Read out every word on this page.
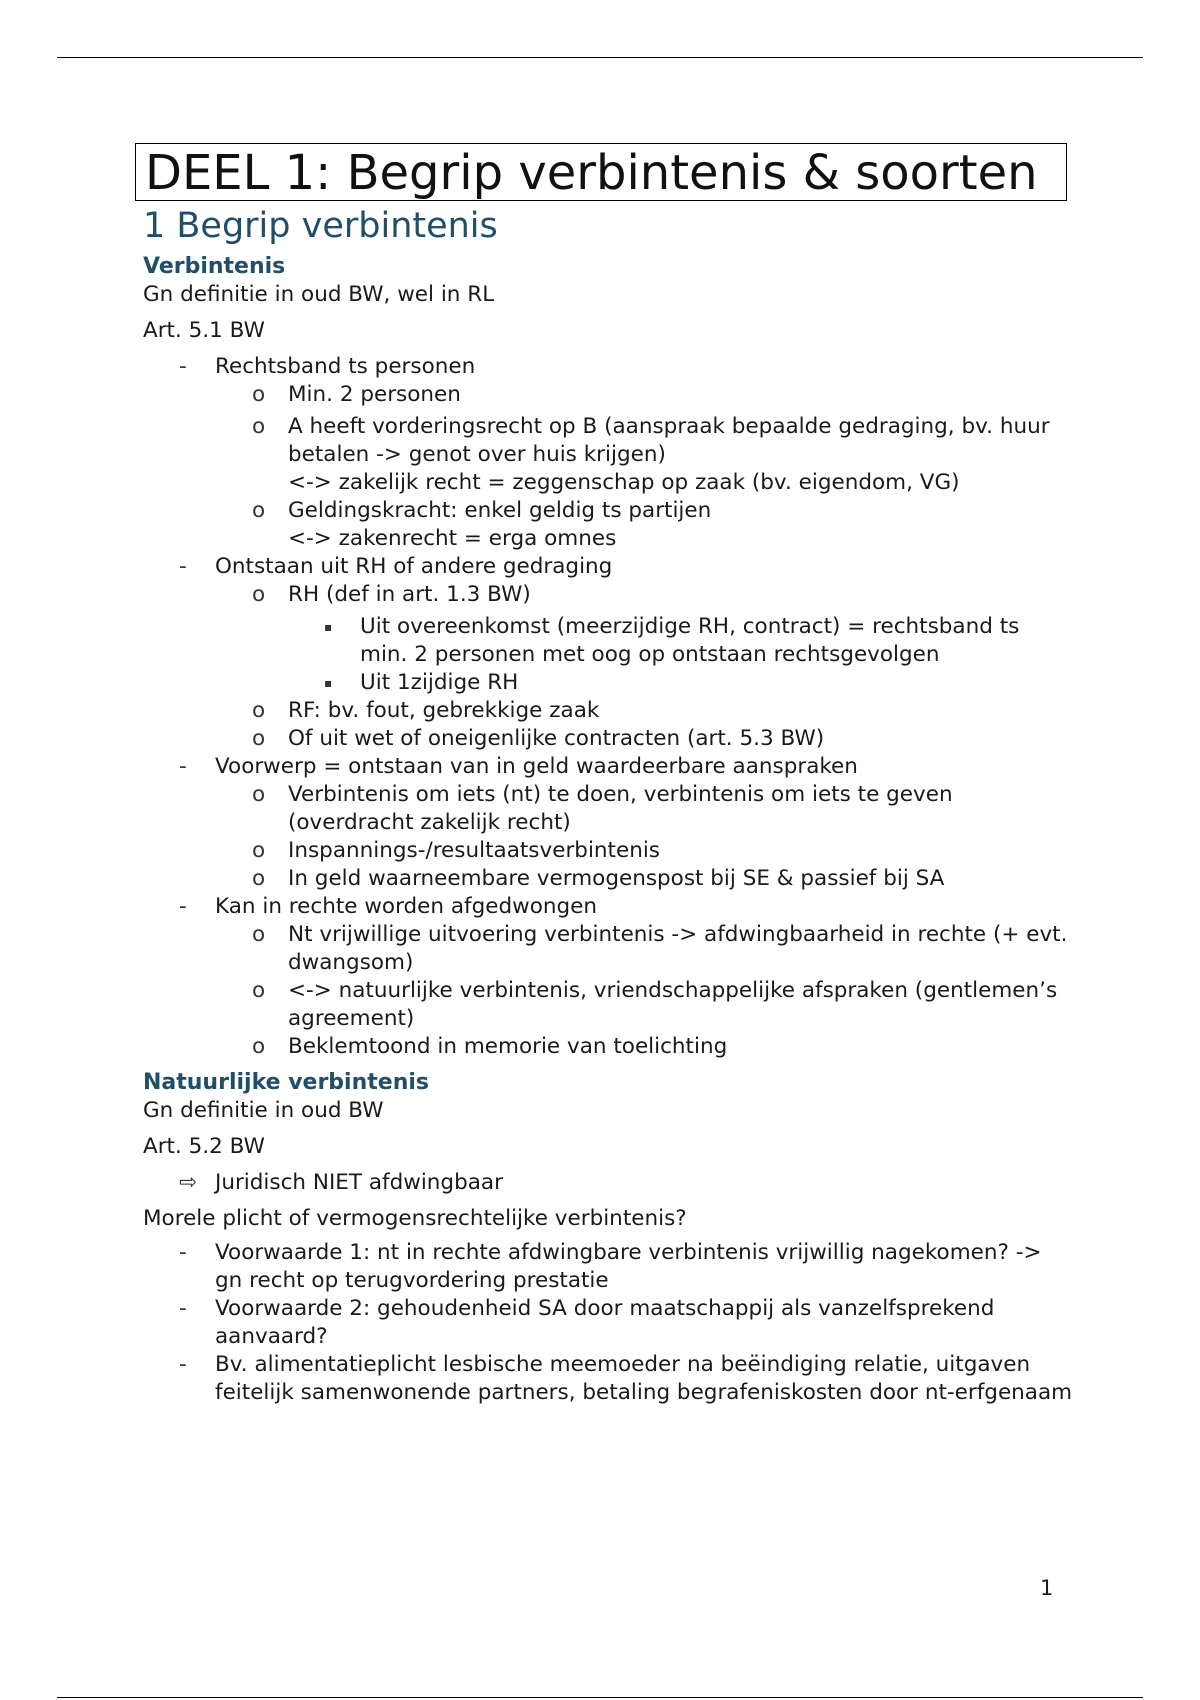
DEEL 1: Begrip verbintenis & soorten
1 Begrip verbintenis
Verbintenis

Gn definitie in oud BW, wel in RL

Art. 5.1 BW

- Rechtsband ts personen
o Min. 2 personen
o A heeft vorderingsrecht op B (aanspraak bepaalde gedraging, bv. huur betalen -> genot over huis krijgen)
<-> zakelijk recht = zeggenschap op zaak (bv. eigendom, VG)
o Geldingskracht: enkel geldig ts partijen
<-> zakenrecht = erga omnes
- Ontstaan uit RH of andere gedraging
o RH (def in art. 1.3 BW)
▪ Uit overeenkomst (meerzijdige RH, contract) = rechtsband ts min. 2 personen met oog op ontstaan rechtsgevolgen
▪ Uit 1zijdige RH
o RF: bv. fout, gebrekkige zaak
o Of uit wet of oneigenlijke contracten (art. 5.3 BW)
- Voorwerp = ontstaan van in geld waardeerbare aanspraken
o Verbintenis om iets (nt) te doen, verbintenis om iets te geven (overdracht zakelijk recht)
o Inspannings-/resultaatsverbintenis
o In geld waarneembare vermogenspost bij SE & passief bij SA
- Kan in rechte worden afgedwongen
o Nt vrijwillige uitvoering verbintenis -> afdwingbaarheid in rechte (+ evt. dwangsom)
o <-> natuurlijke verbintenis, vriendschappelijke afspraken (gentlemen’s agreement)
o Beklemtoond in memorie van toelichting
Natuurlijke verbintenis

Gn definitie in oud BW

Art. 5.2 BW

⇨ Juridisch NIET afdwingbaar

Morele plicht of vermogensrechtelijke verbintenis?

- Voorwaarde 1: nt in rechte afdwingbare verbintenis vrijwillig nagekomen? -> gn recht op terugvordering prestatie
- Voorwaarde 2: gehoudenheid SA door maatschappij als vanzelfsprekend aanvaard?
- Bv. alimentatieplicht lesbische meemoeder na beëindiging relatie, uitgaven feitelijk samenwonende partners, betaling begrafeniskosten door nt-erfgenaam
1
